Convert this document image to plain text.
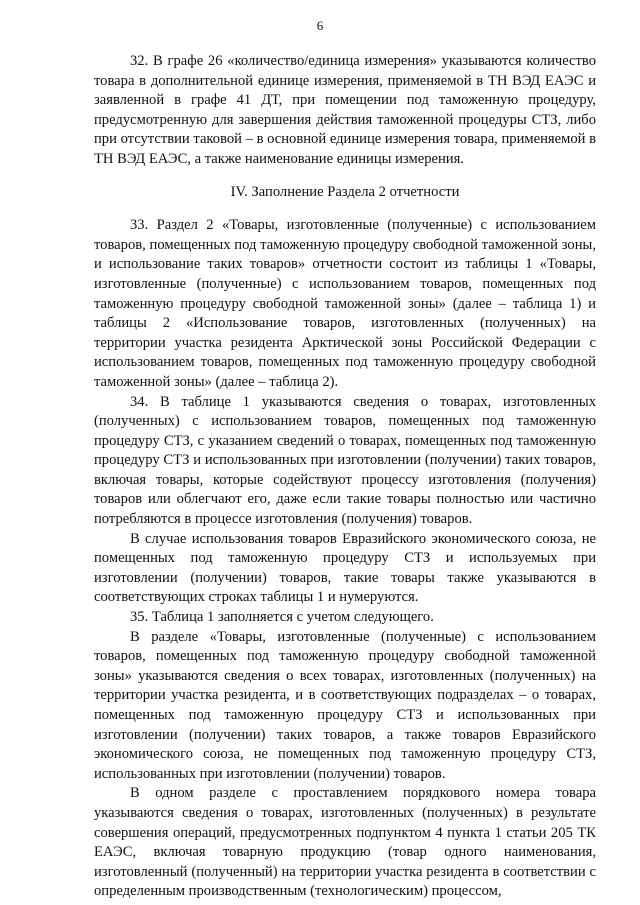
6

32. В графе 26 «количество/единица измерения» указываются количество товара в дополнительной единице измерения, применяемой в ТН ВЭД ЕАЭС и заявленной в графе 41 ДТ, при помещении под таможенную процедуру, предусмотренную для завершения действия таможенной процедуры СТЗ, либо при отсутствии таковой – в основной единице измерения товара, применяемой в ТН ВЭД ЕАЭС, а также наименование единицы измерения.

IV. Заполнение Раздела 2 отчетности

33. Раздел 2 «Товары, изготовленные (полученные) с использованием товаров, помещенных под таможенную процедуру свободной таможенной зоны, и использование таких товаров» отчетности состоит из таблицы 1 «Товары, изготовленные (полученные) с использованием товаров, помещенных под таможенную процедуру свободной таможенной зоны» (далее – таблица 1) и таблицы 2 «Использование товаров, изготовленных (полученных) на территории участка резидента Арктической зоны Российской Федерации с использованием товаров, помещенных под таможенную процедуру свободной таможенной зоны» (далее – таблица 2).

34. В таблице 1 указываются сведения о товарах, изготовленных (полученных) с использованием товаров, помещенных под таможенную процедуру СТЗ, с указанием сведений о товарах, помещенных под таможенную процедуру СТЗ и использованных при изготовлении (получении) таких товаров, включая товары, которые содействуют процессу изготовления (получения) товаров или облегчают его, даже если такие товары полностью или частично потребляются в процессе изготовления (получения) товаров.

В случае использования товаров Евразийского экономического союза, не помещенных под таможенную процедуру СТЗ и используемых при изготовлении (получении) товаров, такие товары также указываются в соответствующих строках таблицы 1 и нумеруются.

35. Таблица 1 заполняется с учетом следующего.

В разделе «Товары, изготовленные (полученные) с использованием товаров, помещенных под таможенную процедуру свободной таможенной зоны» указываются сведения о всех товарах, изготовленных (полученных) на территории участка резидента, и в соответствующих подразделах – о товарах, помещенных под таможенную процедуру СТЗ и использованных при изготовлении (получении) таких товаров, а также товаров Евразийского экономического союза, не помещенных под таможенную процедуру СТЗ, использованных при изготовлении (получении) товаров.

В одном разделе с проставлением порядкового номера товара указываются сведения о товарах, изготовленных (полученных) в результате совершения операций, предусмотренных подпунктом 4 пункта 1 статьи 205 ТК ЕАЭС, включая товарную продукцию (товар одного наименования, изготовленный (полученный) на территории участка резидента в соответствии с определенным производственным (технологическим) процессом,
